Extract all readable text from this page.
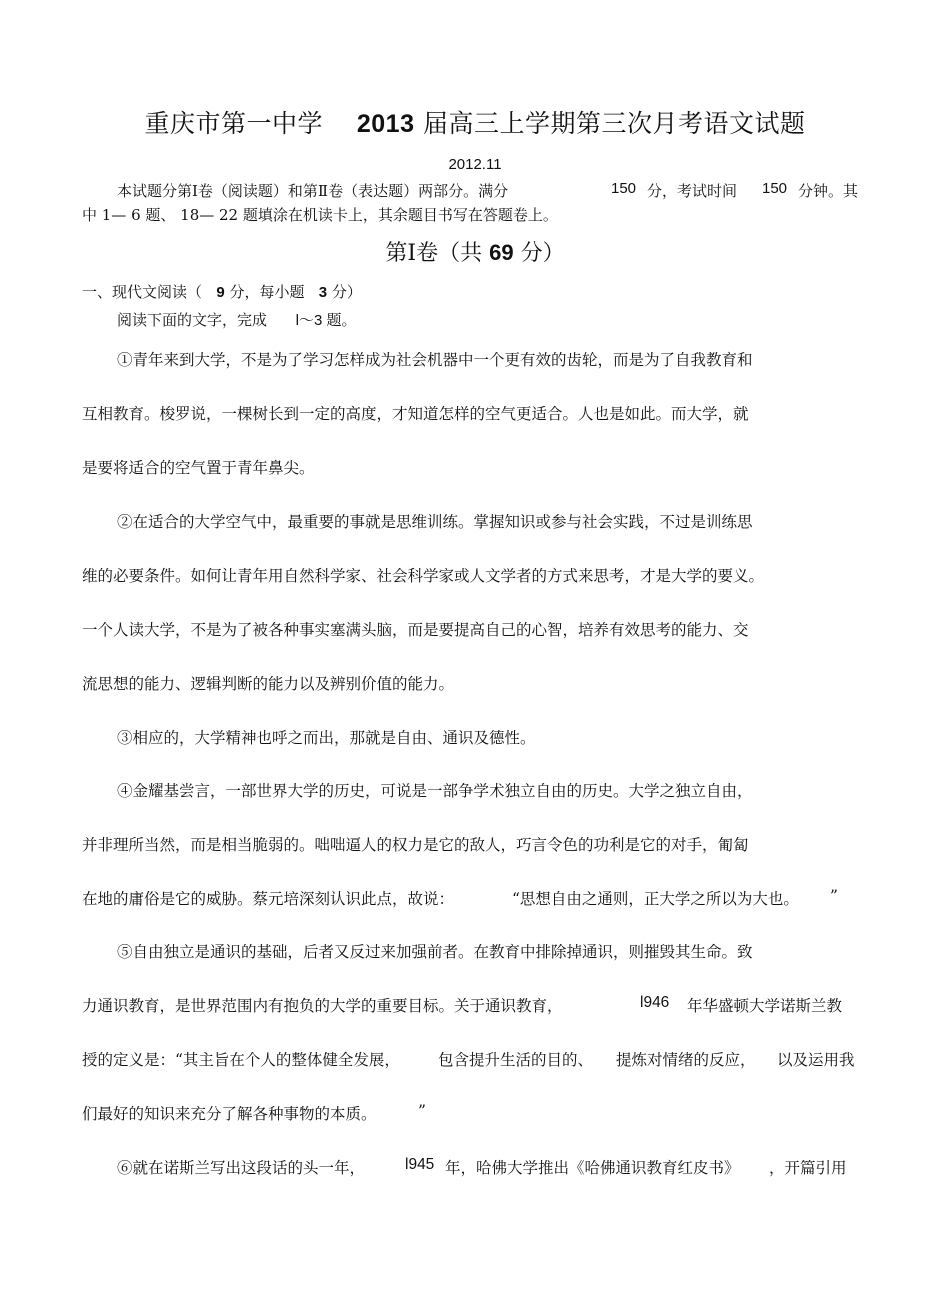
重庆市第一中学 2013 届高三上学期第三次月考语文试题
2012.11
本试题分第Ⅰ卷（阅读题）和第Ⅱ卷（表达题）两部分。满分	150 分，考试时间 150 分钟。其
中 1— 6 题、 18— 22 题填涂在机读卡上，其余题目书写在答题卷上。
第Ⅰ卷（共 69 分）
一、现代文阅读（ 9 分，每小题 3 分）
阅读下面的文字，完成 l～3 题。
①青年来到大学，不是为了学习怎样成为社会机器中一个更有效的齿轮，而是为了自我教育和
互相教育。梭罗说，一棵树长到一定的高度，才知道怎样的空气更适合。人也是如此。而大学，就
是要将适合的空气置于青年鼻尖。
②在适合的大学空气中，最重要的事就是思维训练。掌握知识或参与社会实践，不过是训练思
维的必要条件。如何让青年用自然科学家、社会科学家或人文学者的方式来思考，才是大学的要义。
一个人读大学，不是为了被各种事实塞满头脑，而是要提高自己的心智，培养有效思考的能力、交
流思想的能力、逻辑判断的能力以及辨别价值的能力。
③相应的，大学精神也呼之而出，那就是自由、通识及德性。
④金耀基尝言，一部世界大学的历史，可说是一部争学术独立自由的历史。大学之独立自由，
并非理所当然，而是相当脆弱的。咄咄逼人的权力是它的敌人，巧言令色的功利是它的对手，匍匐
在地的庸俗是它的威胁。蔡元培深刻认识此点，故说：	“思想自由之通则，正大学之所以为大也。 ”
⑤自由独立是通识的基础，后者又反过来加强前者。在教育中排除掉通识，则摧毁其生命。致
力通识教育，是世界范围内有抱负的大学的重要目标。关于通识教育，	l946 年华盛顿大学诺斯兰教
授的定义是：“其主旨在个人的整体健全发展， 包含提升生活的目的、 提炼对情绪的反应， 以及运用我
们最好的知识来充分了解各种事物的本质。	”
⑥就在诺斯兰写出这段话的头一年，	l945 年，哈佛大学推出《哈佛通识教育红皮书》 ，开篇引用
